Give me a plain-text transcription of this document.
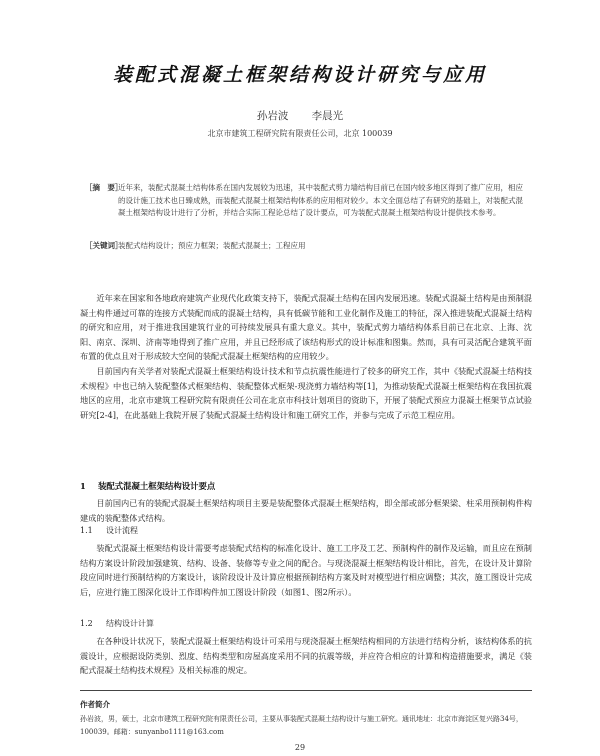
装配式混凝土框架结构设计研究与应用
孙岩波 李晨光
北京市建筑工程研究院有限责任公司，北京 100039
［摘　要］
近年来，装配式混凝土结构体系在国内发展较为迅速，其中装配式剪力墙结构目前已在国内较多地区得到了推广应用，相应的设计施工技术也日臻成熟，而装配式混凝土框架结构体系的应用相对较少。本文全面总结了有研究的基础上，对装配式混凝土框架结构设计进行了分析，并结合实际工程论总结了设计要点，可为装配式混凝土框架结构设计提供技术参考。
［关键词］
装配式结构设计；预应力框架；装配式混凝土；工程应用

近年来在国家和各地政府建筑产业现代化政策支持下，装配式混凝土结构在国内发展迅速。装配式混凝土结构是由预制混凝土构件通过可靠的连接方式装配而成的混凝土结构，具有低碳节能和工业化制作及施工的特征，深入推进装配式混凝土结构的研究和应用，对于推进我国建筑行业的可持续发展具有重大意义。其中，装配式剪力墙结构体系目前已在北京、上海、沈阳、南京、深圳、济南等地得到了推广应用，并且已经形成了该结构形式的设计标准和图集。然而，具有可灵活配合建筑平面布置的优点且对于形成较大空间的装配式混凝土框架结构的应用较少。

目前国内有关学者对装配式混凝土框架结构设计技术和节点抗震性能进行了较多的研究工作，其中《装配式混凝土结构技术规程》中也已纳入装配整体式框架结构、装配整体式框架-现浇剪力墙结构等[1]，为推动装配式混凝土框架结构在我国抗震地区的应用，北京市建筑工程研究院有限责任公司在北京市科技计划项目的资助下，开展了装配式预应力混凝土框架节点试验研究[2-4]，在此基础上我院开展了装配式混凝土结构设计和施工研究工作，并参与完成了示范工程应用。

1 装配式混凝土框架结构设计要点

目前国内已有的装配式混凝土框架结构项目主要是装配整体式混凝土框架结构，即全部或部分框架梁、柱采用预制构件构建成的装配整体式结构。

1.1 设计流程

装配式混凝土框架结构设计需要考虑装配式结构的标准化设计、施工工序及工艺、预制构件的制作及运输，而且应在预制结构方案设计阶段加强建筑、结构、设备、装修等专业之间的配合。与现浇混凝土框架结构设计相比，首先，在设计及计算阶段应同时进行预制结构的方案设计，该阶段设计及计算应根据预制结构方案及时对模型进行相应调整；其次，施工图设计完成后，应进行施工图深化设计工作即构件加工图设计阶段（如图1、图2所示）。

1.2 结构设计计算

在各种设计状况下，装配式混凝土框架结构设计可采用与现浇混凝土框架结构相同的方法进行结构分析，该结构体系的抗震设计，应根据设防类别、烈度、结构类型和房屋高度采用不同的抗震等级，并应符合相应的计算和构造措施要求，满足《装配式混凝土结构技术规程》及相关标准的规定。

作者简介
孙岩波，男，硕士，北京市建筑工程研究院有限责任公司，主要从事装配式混凝土结构设计与施工研究。通讯地址：北京市海淀区复兴路34号，100039。邮箱：sunyanbo1111@163.com
29
